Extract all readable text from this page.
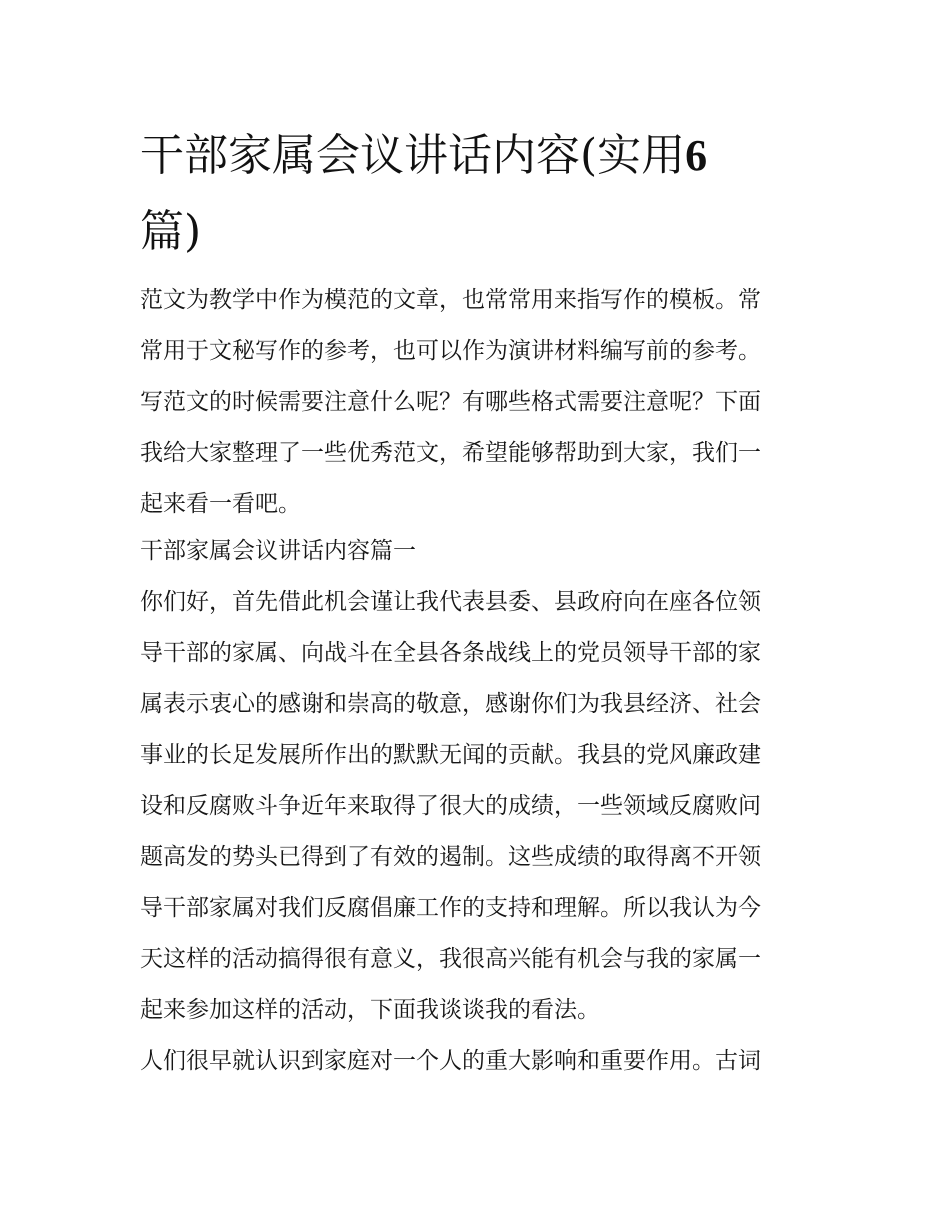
干部家属会议讲话内容(实用6
篇)

范文为教学中作为模范的文章，也常常用来指写作的模板。常
常用于文秘写作的参考，也可以作为演讲材料编写前的参考。
写范文的时候需要注意什么呢？有哪些格式需要注意呢？下面
我给大家整理了一些优秀范文，希望能够帮助到大家，我们一
起来看一看吧。

干部家属会议讲话内容篇一

你们好，首先借此机会谨让我代表县委、县政府向在座各位领
导干部的家属、向战斗在全县各条战线上的党员领导干部的家
属表示衷心的感谢和崇高的敬意，感谢你们为我县经济、社会
事业的长足发展所作出的默默无闻的贡献。我县的党风廉政建
设和反腐败斗争近年来取得了很大的成绩，一些领域反腐败问
题高发的势头已得到了有效的遏制。这些成绩的取得离不开领
导干部家属对我们反腐倡廉工作的支持和理解。所以我认为今
天这样的活动搞得很有意义，我很高兴能有机会与我的家属一
起来参加这样的活动，下面我谈谈我的看法。

人们很早就认识到家庭对一个人的重大影响和重要作用。古词
